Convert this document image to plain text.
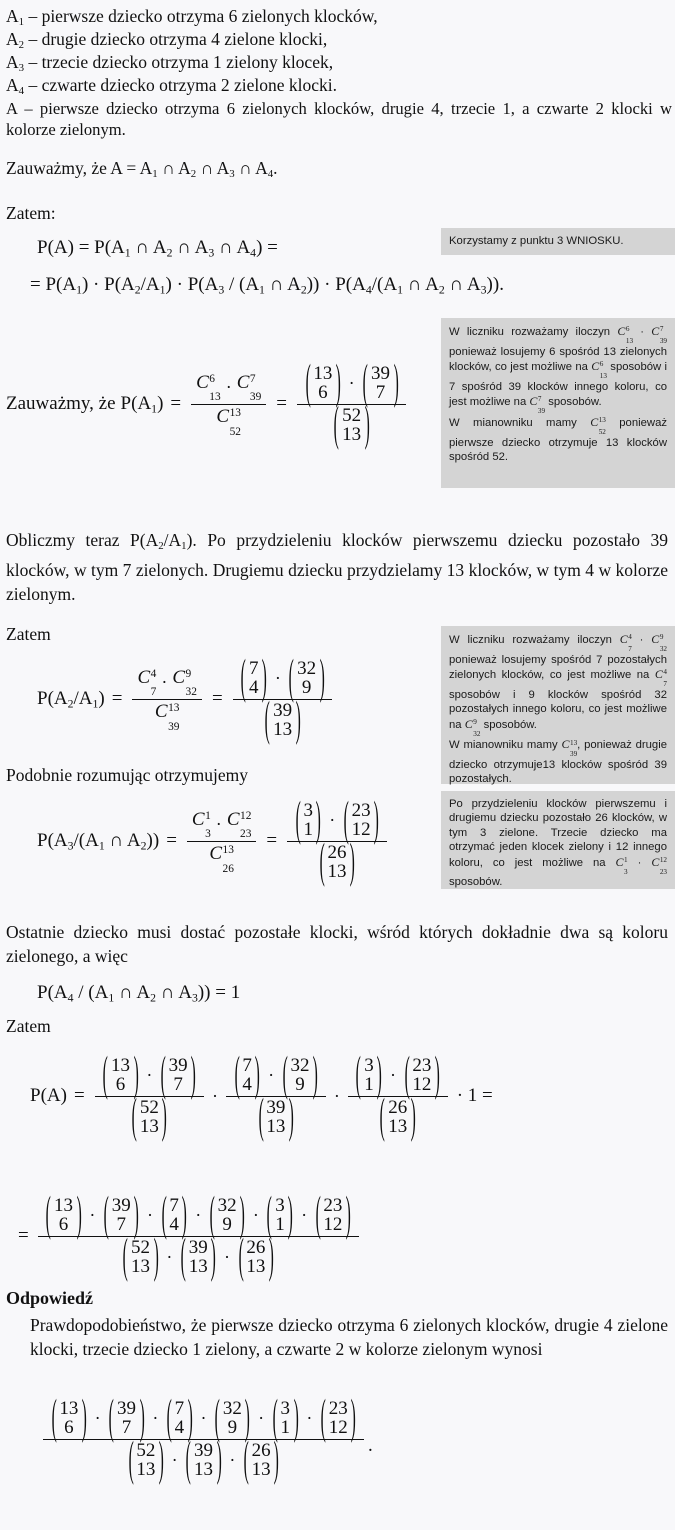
$A_1$ – pierwsze dziecko otrzyma 6 zielonych klocków,
$A_2$ – drugie dziecko otrzyma 4 zielone klocki,
$A_3$ – trzecie dziecko otrzyma 1 zielony klocek,
$A_4$ – czwarte dziecko otrzyma 2 zielone klocki.
A – pierwsze dziecko otrzyma 6 zielonych klocków, drugie 4, trzecie 1, a czwarte 2 klocki w kolorze zielonym.
Zauważmy, że $A = A_1$ ∩ $A_2$ ∩ $A_3$ ∩ $A_4$.
Zatem:
Korzystamy z punktu 3 WNIOSKU.
$P(A) = P(A_1$ ∩ $A_2$ ∩ $A_3$ ∩ $A_4$) =
= $P(A_1) \cdot P(A_2/A_1) \cdot P(A_3 / (A_1$ ∩ $A_2)) \cdot P(A_4/(A_1$ ∩ $A_2$ ∩ $A_3$)).
W liczniku rozważamy iloczyn C 6
13
· C 7
39
ponieważ losujemy 6 spośród 13 zielonych klocków, co jest możliwe na C 6
13
sposobów i 7 spośród 39 klocków innego koloru, co jest możliwe na C 7
39
sposobów.
W mianowniku mamy C 13
52
ponieważ pierwsze dziecko otrzymuje 13 klocków spośród 52.
Zauważmy, że $P(A_1) = C$ 6
13
· C 7
39
C 13
52 = ( 13
6 ) · ( 39
7 )
( 52
13 )
Obliczmy teraz $P(A_2/A_1)$. Po przydzieleniu klocków pierwszemu dziecku pozostało 39 klocków, w tym 7 zielonych. Drugiemu dziecku przydzielamy 13 klocków, w tym 4 w kolorze zielonym.
Zatem	W liczniku rozważamy iloczyn C 4
7
· C 9
32
ponieważ losujemy spośród 7 pozostałych zielonych klocków, co jest możliwe na C 4
7
sposobów i 9 klocków spośród 32 pozostałych innego koloru, co jest możliwe na C 9
32
sposobów.
W mianowniku mamy C 13
39
, ponieważ drugie dziecko otrzymuje13 klocków spośród 39 pozostałych.
$P(A_2/A_1) = C$ 4
7
· C 9
32
C 13
39 = ( 7
4 ) · ( 32
9 )
( 39
13 )
Podobnie rozumując otrzymujemy
Po przydzieleniu klocków pierwszemu i drugiemu dziecku pozostało 26 klocków, w tym 3 zielone. Trzecie dziecko ma otrzymać jeden klocek zielony i 12 innego koloru, co jest możliwe na C 1
3
· C 12
23
sposobów.
$P(A_3/(A_1$ ∩ $A_2)) = C$ 1
3
· C 12
23
C 13
26 = ( 3
1 ) · ( 23
12 )
( 26
13 )
Ostatnie dziecko musi dostać pozostałe klocki, wśród których dokładnie dwa są koloru zielonego, a więc
$P(A_4 / (A_1$ ∩ $A_2$ ∩ $A_3)) = 1$
Zatem
P(A) = ( 13
6 ) · ( 39
7 )
( 52
13 ) · ( 7
4 ) · ( 32
9 )
( 39
13 ) · ( 3
1 ) · ( 23
12 )
( 26
13 ) · 1 =
= ( 13
6 ) · ( 39
7 ) · ( 7
4 ) · ( 32
9 ) · ( 3
1 ) · ( 23
12 )
( 52
13 ) · ( 39
13 ) · ( 26
13 )
Odpowiedź
Prawdopodobieństwo, że pierwsze dziecko otrzyma 6 zielonych klocków, drugie 4 zielone klocki, trzecie dziecko 1 zielony, a czwarte 2 w kolorze zielonym wynosi
( 13
6 ) · ( 39
7 ) · ( 7
4 ) · ( 32
9 ) · ( 3
1 ) · ( 23
12 )
( 52
13 ) · ( 39
13 ) · ( 26
13 )	.
